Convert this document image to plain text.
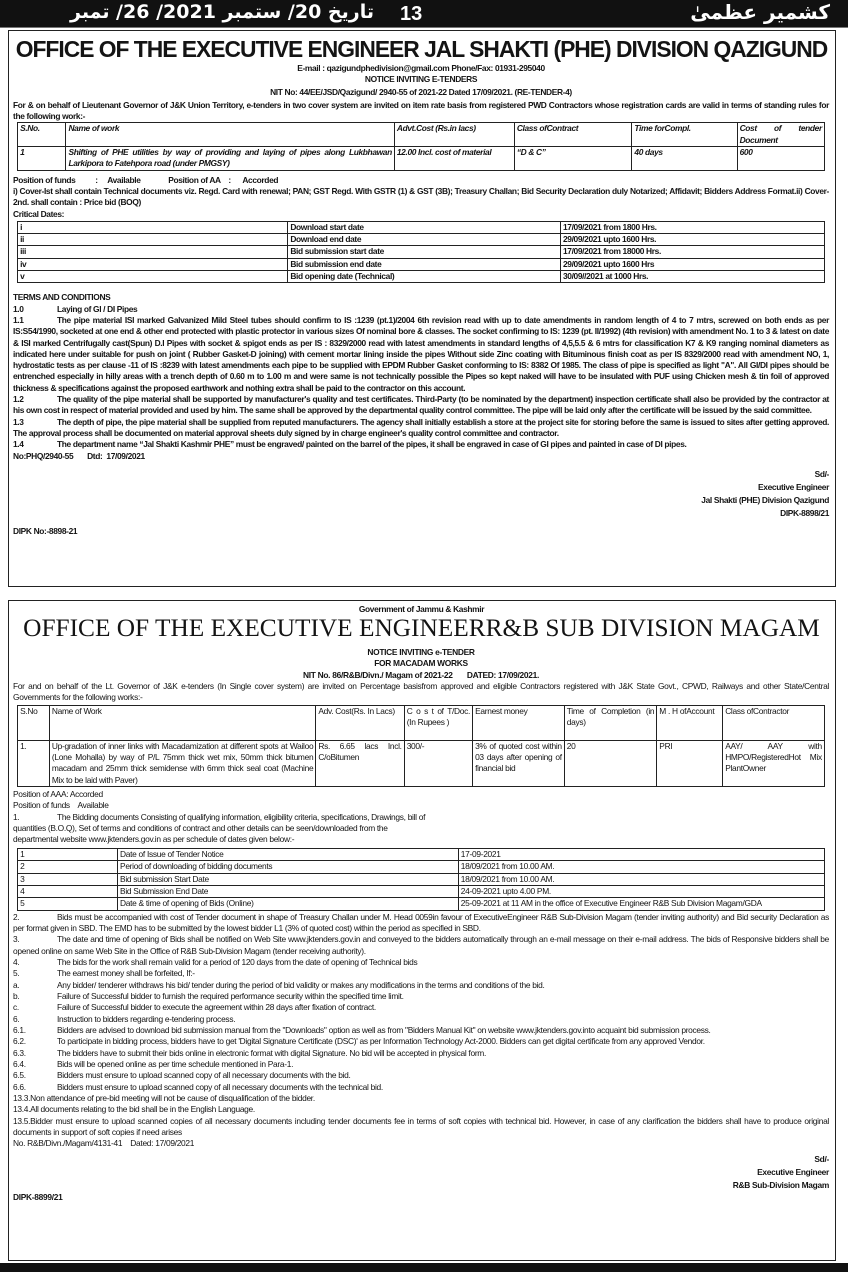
تاریخ 20/ ستمبر 2021/ 26/ تمبر 13	کشمیر عظمیٰ
OFFICE OF THE EXECUTIVE ENGINEER JAL SHAKTI (PHE) DIVISION QAZIGUND
E-mail : qazigundphedivision@gmail.com Phone/Fax: 01931-295040
NOTICE INVITING E-TENDERS
NIT No: 44/EE/JSD/Qazigund/ 2940-55 of 2021-22 Dated 17/09/2021. (RE-TENDER-4)
For & on behalf of Lieutenant Governor of J&K Union Territory, e-tenders in two cover system are invited on item rate basis from registered PWD Contractors whose registration cards are valid in terms of standing rules for the following work:-
S.No.	Name of work	Advt.Cost (Rs.in lacs)	Class ofContract	Time forCompl.	Cost of tender Document
1	Shifting of PHE utilities by way of providing and laying of pipes along Lukbhawan Larkipora to Fatehpora road (under PMGSY)	12.00 Incl. cost of material	“D & C”	40 days	600
Position of funds          :     Available	Position of AA    :      Accorded
i) Cover-Ist shall contain Technical documents viz. Regd. Card with renewal; PAN; GST Regd. With GSTR (1) & GST (3B); Treasury Challan; Bid Security Declaration duly Notarized; Affidavit; Bidders Address Format.ii) Cover-2nd. shall contain : Price bid (BOQ)
Critical Dates:
i	Download start date	17/09/2021 from 1800 Hrs.
ii	Download end date	29/09/2021 upto 1600 Hrs.
iii	Bid submission start date	17/09/2021 from 18000 Hrs.
iv	Bid submission end date	29/09/2021 upto 1600 Hrs
v	Bid opening date (Technical)	30/09//2021 at 1000 Hrs.
TERMS AND CONDITIONS
1.0	Laying of GI / DI Pipes
1.1	The pipe material ISI marked Galvanized Mild Steel tubes should confirm to IS :1239 (pt.1)/2004 6th revision read with up to date amendments in random length of 4 to 7 mtrs, screwed on both ends as per IS:S54/1990, socketed at one end & other end protected with plastic protector in various sizes Of nominal bore & classes. The socket confirming to IS: 1239 (pt. II/1992) (4th revision) with amendment No. 1 to 3 & latest on date & ISI marked Centrifugally cast(Spun) D.I Pipes with socket & spigot ends as per IS : 8329/2000 read with latest amendments in standard lengths of 4,5,5.5 & 6 mtrs for classification K7 & K9 ranging nominal diameters as indicated here under suitable for push on joint ( Rubber Gasket-D joining) with cement mortar lining inside the pipes Without side Zinc coating with Bituminous finish coat as per IS 8329/2000 read with amendment NO, 1, hydrostatic tests as per clause -11 of IS :8239 with latest amendments each pipe to be supplied with EPDM Rubber Gasket conforming to IS: 8382 Of 1985. The class of pipe is specified as light "A". All GI/DI pipes should be entrenched especially in hilly areas with a trench depth of 0.60 m to 1.00 m and were same is not technically possible the Pipes so kept naked will have to be insulated with PUF using Chicken mesh & tin foil of approved thickness & specifications against the proposed earthwork and nothing extra shall be paid to the contractor on this account.
1.2	The quality of the pipe material shall be supported by manufacturer's quality and test certificates. Third-Party (to be nominated by the department) inspection certificate shall also be provided by the contractor at his own cost in respect of material provided and used by him. The same shall be approved by the departmental quality control committee. The pipe will be laid only after the certificate will be issued by the said committee.
1.3	The depth of pipe, the pipe material shall be supplied from reputed manufacturers. The agency shall initially establish a store at the project site for storing before the same is issued to sites after getting approved. The approval process shall be documented on material approval sheets duly signed by in charge engineer's quality control committee and contractor.
1.4	The department name “Jal Shakti Kashmir PHE” must be engraved/ painted on the barrel of the pipes, it shall be engraved in case of GI pipes and painted in case of DI pipes.
No:PHQ/2940-55 Dtd:  17/09/2021
Sd/-
Executive Engineer
Jal Shakti (PHE) Division Qazigund
DIPK-8898/21
DIPK No:-8898-21
Government of Jammu & Kashmir
OFFICE OF THE EXECUTIVE ENGINEERR&B SUB DIVISION MAGAM
NOTICE INVITING e-TENDER
FOR MACADAM WORKS
NIT No. 86/R&B/Divn./ Magam of 2021-22       DATED: 17/09/2021.
For and on behalf of the Lt. Governor of J&K e-tenders (In Single cover system) are invited on Percentage basisfrom approved and eligible Contractors registered with J&K State Govt., CPWD, Railways and other State/Central Governments for the following works:-
S.No	Name of Work	Adv. Cost(Rs. In Lacs)	C o s t of T/Doc.(In Rupees )	Earnest money	Time of Completion (in days)	M . H ofAccount	Class ofContractor
1.	Up-gradation of inner links with Macadamization at different spots at Wailoo (Lone Mohalla) by way of P/L 75mm thick wet mix, 50mm thick bitumen macadam and 25mm thick semidense with 6mm thick seal coat (Machine Mix to be laid with Paver)	Rs. 6.65 lacs Incl. C/oBitumen	300/-	3% of quoted cost within 03 days after opening of financial bid	20	PRI	AAY/ AAY with HMPO/RegisteredHot Mix PlantOwner
Position of AAA: Accorded
Position of funds    Available
1.	The Bidding documents Consisting of qualifying information, eligibility criteria, specifications, Drawings, bill of
quantities (B.O.Q), Set of terms and conditions of contract and other details can be seen/downloaded from the
departmental website www.jktenders.gov.in as per schedule of dates given below:-
1	Date of Issue of Tender Notice	17-09-2021
2	Period of downloading of bidding documents	18/09/2021 from 10.00 AM.
3	Bid submission Start Date	18/09/2021 from 10.00 AM.
4	Bid Submission End Date	24-09-2021 upto 4.00 PM.
5	Date & time of opening of Bids (Online)	25-09-2021 at 11 AM in the office of Executive Engineer R&B Sub Division Magam/GDA
2.	Bids must be accompanied with cost of Tender document in shape of Treasury Challan under M. Head 0059in favour of ExecutiveEngineer R&B Sub-Division Magam (tender inviting authority) and Bid security Declaration as per format given in SBD. The EMD has to be submitted by the lowest bidder L1 (3% of quoted cost) within the period as specified in SBD.
3.	The date and time of opening of Bids shall be notified on Web Site www.jktenders.gov.in and conveyed to the bidders automatically through an e-mail message on their e-mail address. The bids of Responsive bidders shall be opened online on same Web Site in the Office of R&B Sub-Division Magam (tender receiving authority).
4.	The bids for the work shall remain valid for a period of 120 days from the date of opening of Technical bids
5.	The earnest money shall be forfeited, If:-
a.	Any bidder/ tenderer withdraws his bid/ tender during the period of bid validity or makes any modifications in the terms and conditions of the bid.
b.	Failure of Successful bidder to furnish the required performance security within the specified time limit.
c.	Failure of Successful bidder to execute the agreement within 28 days after fixation of contract.
6.	Instruction to bidders regarding e-tendering process.
6.1.	Bidders are advised to download bid submission manual from the "Downloads" option as well as from "Bidders Manual Kit" on website www.jktenders.gov.into acquaint bid submission process.
6.2.	To participate in bidding process, bidders have to get 'Digital Signature Certificate (DSC)' as per Information Technology Act-2000. Bidders can get digital certificate from any approved Vendor.
6.3.	The bidders have to submit their bids online in electronic format with digital Signature. No bid will be accepted in physical form.
6.4.	Bids will be opened online as per time schedule mentioned in Para-1.
6.5.	Bidders must ensure to upload scanned copy of all necessary documents with the bid.
6.6.	Bidders must ensure to upload scanned copy of all necessary documents with the technical bid.
13.3.Non attendance of pre-bid meeting will not be cause of disqualification of the bidder.
13.4.All documents relating to the bid shall be in the English Language.
13.5.Bidder must ensure to upload scanned copies of all necessary documents including tender documents fee in terms of soft copies with technical bid. However, in case of any clarification the bidders shall have to produce original documents in support of soft copies if need arises
No. R&B/Divn./Magam/4131-41    Dated: 17/09/2021
Sd/-
Executive Engineer
R&B Sub-Division Magam
DIPK-8899/21
